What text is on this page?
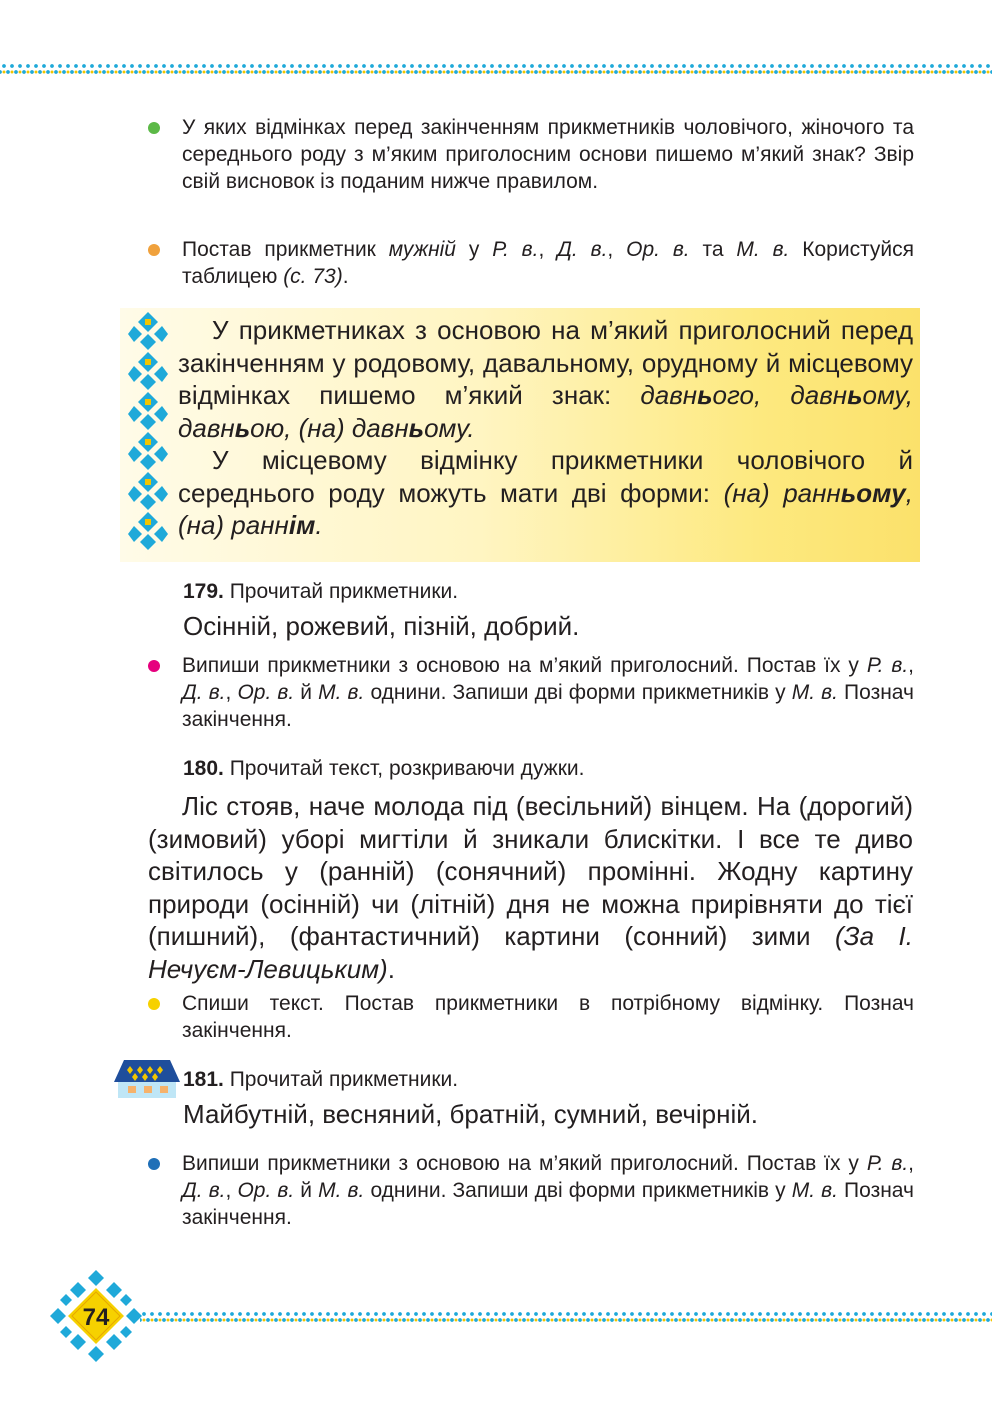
У яких відмінках перед закінченням прикметників чоловічого, жіночого та середнього роду з м’яким приголосним основи пишемо м’який знак? Звір свій висновок із поданим нижче правилом.
Постав прикметник мужній у Р. в., Д. в., Ор. в. та М. в. Користуйся таблицею (с. 73).

У прикметниках з основою на м’який приголосний перед закінченням у родовому, давальному, орудному й місцевому відмінках пишемо м’який знак: давнього, давньому, давньою, (на) давньому.

У місцевому відмінку прикметники чоловічого й середнього роду можуть мати дві форми: (на) ранньому, (на) раннім.

179. Прочитай прикметники.
Осінній, рожевий, пізній, добрий.
Випиши прикметники з основою на м’який приголосний. Постав їх у Р. в., Д. в., Ор. в. й М. в. однини. Запиши дві форми прикметників у М. в. Познач закінчення.
180. Прочитай текст, розкриваючи дужки.
Ліс стояв, наче молода під (весільний) вінцем. На (дорогий) (зимовий) уборі мигтіли й зникали блискітки. І все те диво світилось у (ранній) (сонячний) промінні. Жодну картину природи (осінній) чи (літній) дня не можна прирівняти до тієї (пишний), (фантастичний) картини (сонний) зими (За І. Нечуєм-Левицьким).
Спиши текст. Постав прикметники в потрібному відмінку. Познач закінчення.
181. Прочитай прикметники.
Майбутній, весняний, братній, сумний, вечірній.
Випиши прикметники з основою на м’який приголосний. Постав їх у Р. в., Д. в., Ор. в. й М. в. однини. Запиши дві форми прикметників у М. в. Познач закінчення.
74
